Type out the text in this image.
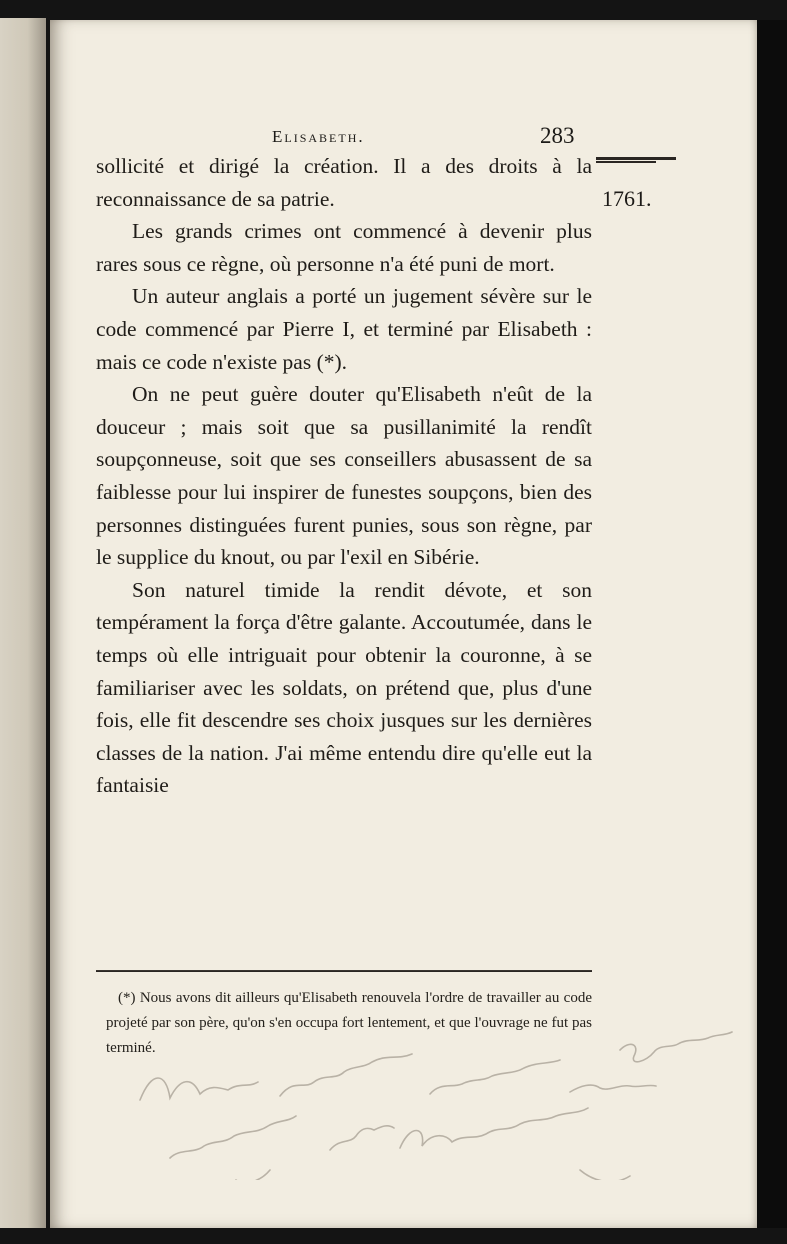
Elisabeth.	283
1761.

sollicité et dirigé la création. Il a des droits à la reconnaissance de sa patrie.

Les grands crimes ont commencé à devenir plus rares sous ce règne, où personne n'a été puni de mort.

Un auteur anglais a porté un jugement sévère sur le code commencé par Pierre I, et terminé par Elisabeth : mais ce code n'existe pas (*).

On ne peut guère douter qu'Elisabeth n'eût de la douceur ; mais soit que sa pusillanimité la rendît soupçonneuse, soit que ses conseillers abusassent de sa faiblesse pour lui inspirer de funestes soupçons, bien des personnes distinguées furent punies, sous son règne, par le supplice du knout, ou par l'exil en Sibérie.

Son naturel timide la rendit dévote, et son tempérament la força d'être galante. Accoutumée, dans le temps où elle intriguait pour obtenir la couronne, à se familiariser avec les soldats, on prétend que, plus d'une fois, elle fit descendre ses choix jusques sur les dernières classes de la nation. J'ai même entendu dire qu'elle eut la fantaisie

(*) Nous avons dit ailleurs qu'Elisabeth renouvela l'ordre de travailler au code projeté par son père, qu'on s'en occupa fort lentement, et que l'ouvrage ne fut pas terminé.
